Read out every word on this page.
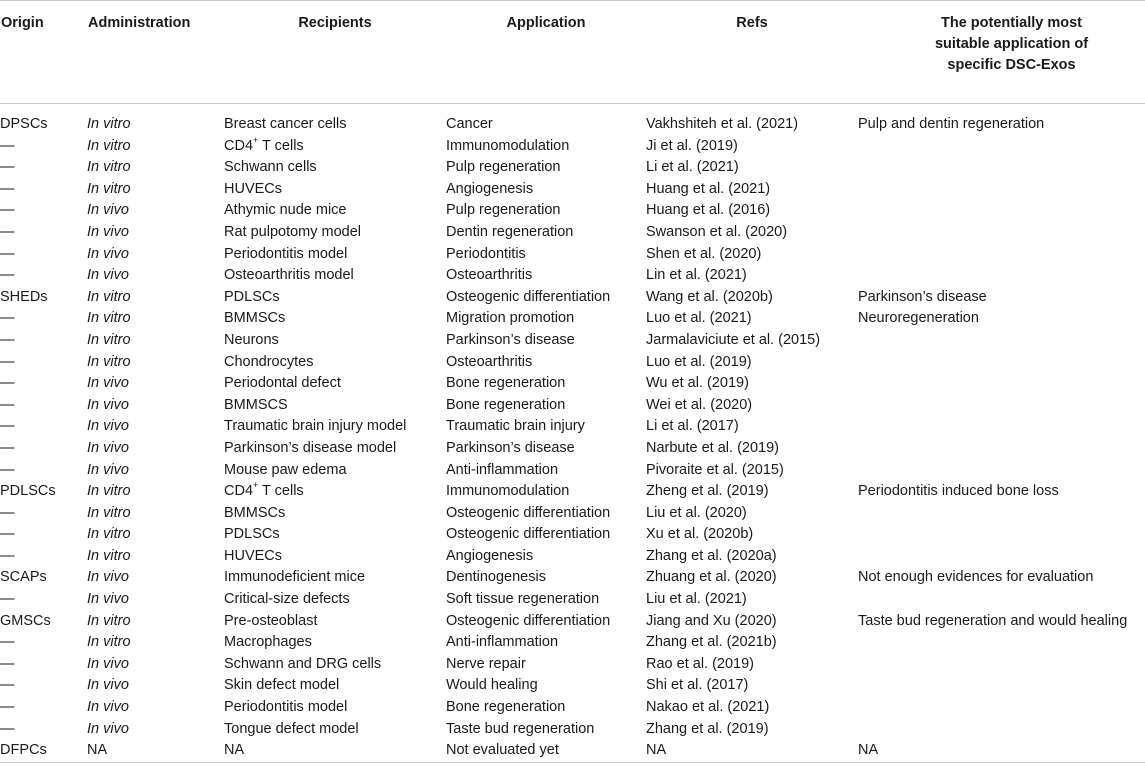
Origin	Administration	Recipients	Application	Refs	The potentially most suitable application of specific DSC-Exos

DPSCs	In vitro	Breast cancer cells	Cancer	Vakhshiteh et al. (2021)	Pulp and dentin regeneration
—	In vitro	CD4+ T cells	Immunomodulation	Ji et al. (2019)	
—	In vitro	Schwann cells	Pulp regeneration	Li et al. (2021)	
—	In vitro	HUVECs	Angiogenesis	Huang et al. (2021)	
—	In vivo	Athymic nude mice	Pulp regeneration	Huang et al. (2016)	
—	In vivo	Rat pulpotomy model	Dentin regeneration	Swanson et al. (2020)	
—	In vivo	Periodontitis model	Periodontitis	Shen et al. (2020)	
—	In vivo	Osteoarthritis model	Osteoarthritis	Lin et al. (2021)	
SHEDs	In vitro	PDLSCs	Osteogenic differentiation	Wang et al. (2020b)	Parkinson’s disease
—	In vitro	BMMSCs	Migration promotion	Luo et al. (2021)	Neuroregeneration
—	In vitro	Neurons	Parkinson’s disease	Jarmalaviciute et al. (2015)	
—	In vitro	Chondrocytes	Osteoarthritis	Luo et al. (2019)	
—	In vivo	Periodontal defect	Bone regeneration	Wu et al. (2019)	
—	In vivo	BMMSCS	Bone regeneration	Wei et al. (2020)	
—	In vivo	Traumatic brain injury model	Traumatic brain injury	Li et al. (2017)	
—	In vivo	Parkinson’s disease model	Parkinson’s disease	Narbute et al. (2019)	
—	In vivo	Mouse paw edema	Anti-inflammation	Pivoraite et al. (2015)	
PDLSCs	In vitro	CD4+ T cells	Immunomodulation	Zheng et al. (2019)	Periodontitis induced bone loss
—	In vitro	BMMSCs	Osteogenic differentiation	Liu et al. (2020)	
—	In vitro	PDLSCs	Osteogenic differentiation	Xu et al. (2020b)	
—	In vitro	HUVECs	Angiogenesis	Zhang et al. (2020a)	
SCAPs	In vivo	Immunodeficient mice	Dentinogenesis	Zhuang et al. (2020)	Not enough evidences for evaluation
—	In vivo	Critical-size defects	Soft tissue regeneration	Liu et al. (2021)	
GMSCs	In vitro	Pre-osteoblast	Osteogenic differentiation	Jiang and Xu (2020)	Taste bud regeneration and would healing
—	In vitro	Macrophages	Anti-inflammation	Zhang et al. (2021b)	
—	In vivo	Schwann and DRG cells	Nerve repair	Rao et al. (2019)	
—	In vivo	Skin defect model	Would healing	Shi et al. (2017)	
—	In vivo	Periodontitis model	Bone regeneration	Nakao et al. (2021)	
—	In vivo	Tongue defect model	Taste bud regeneration	Zhang et al. (2019)	
DFPCs	NA	NA	Not evaluated yet	NA	NA
